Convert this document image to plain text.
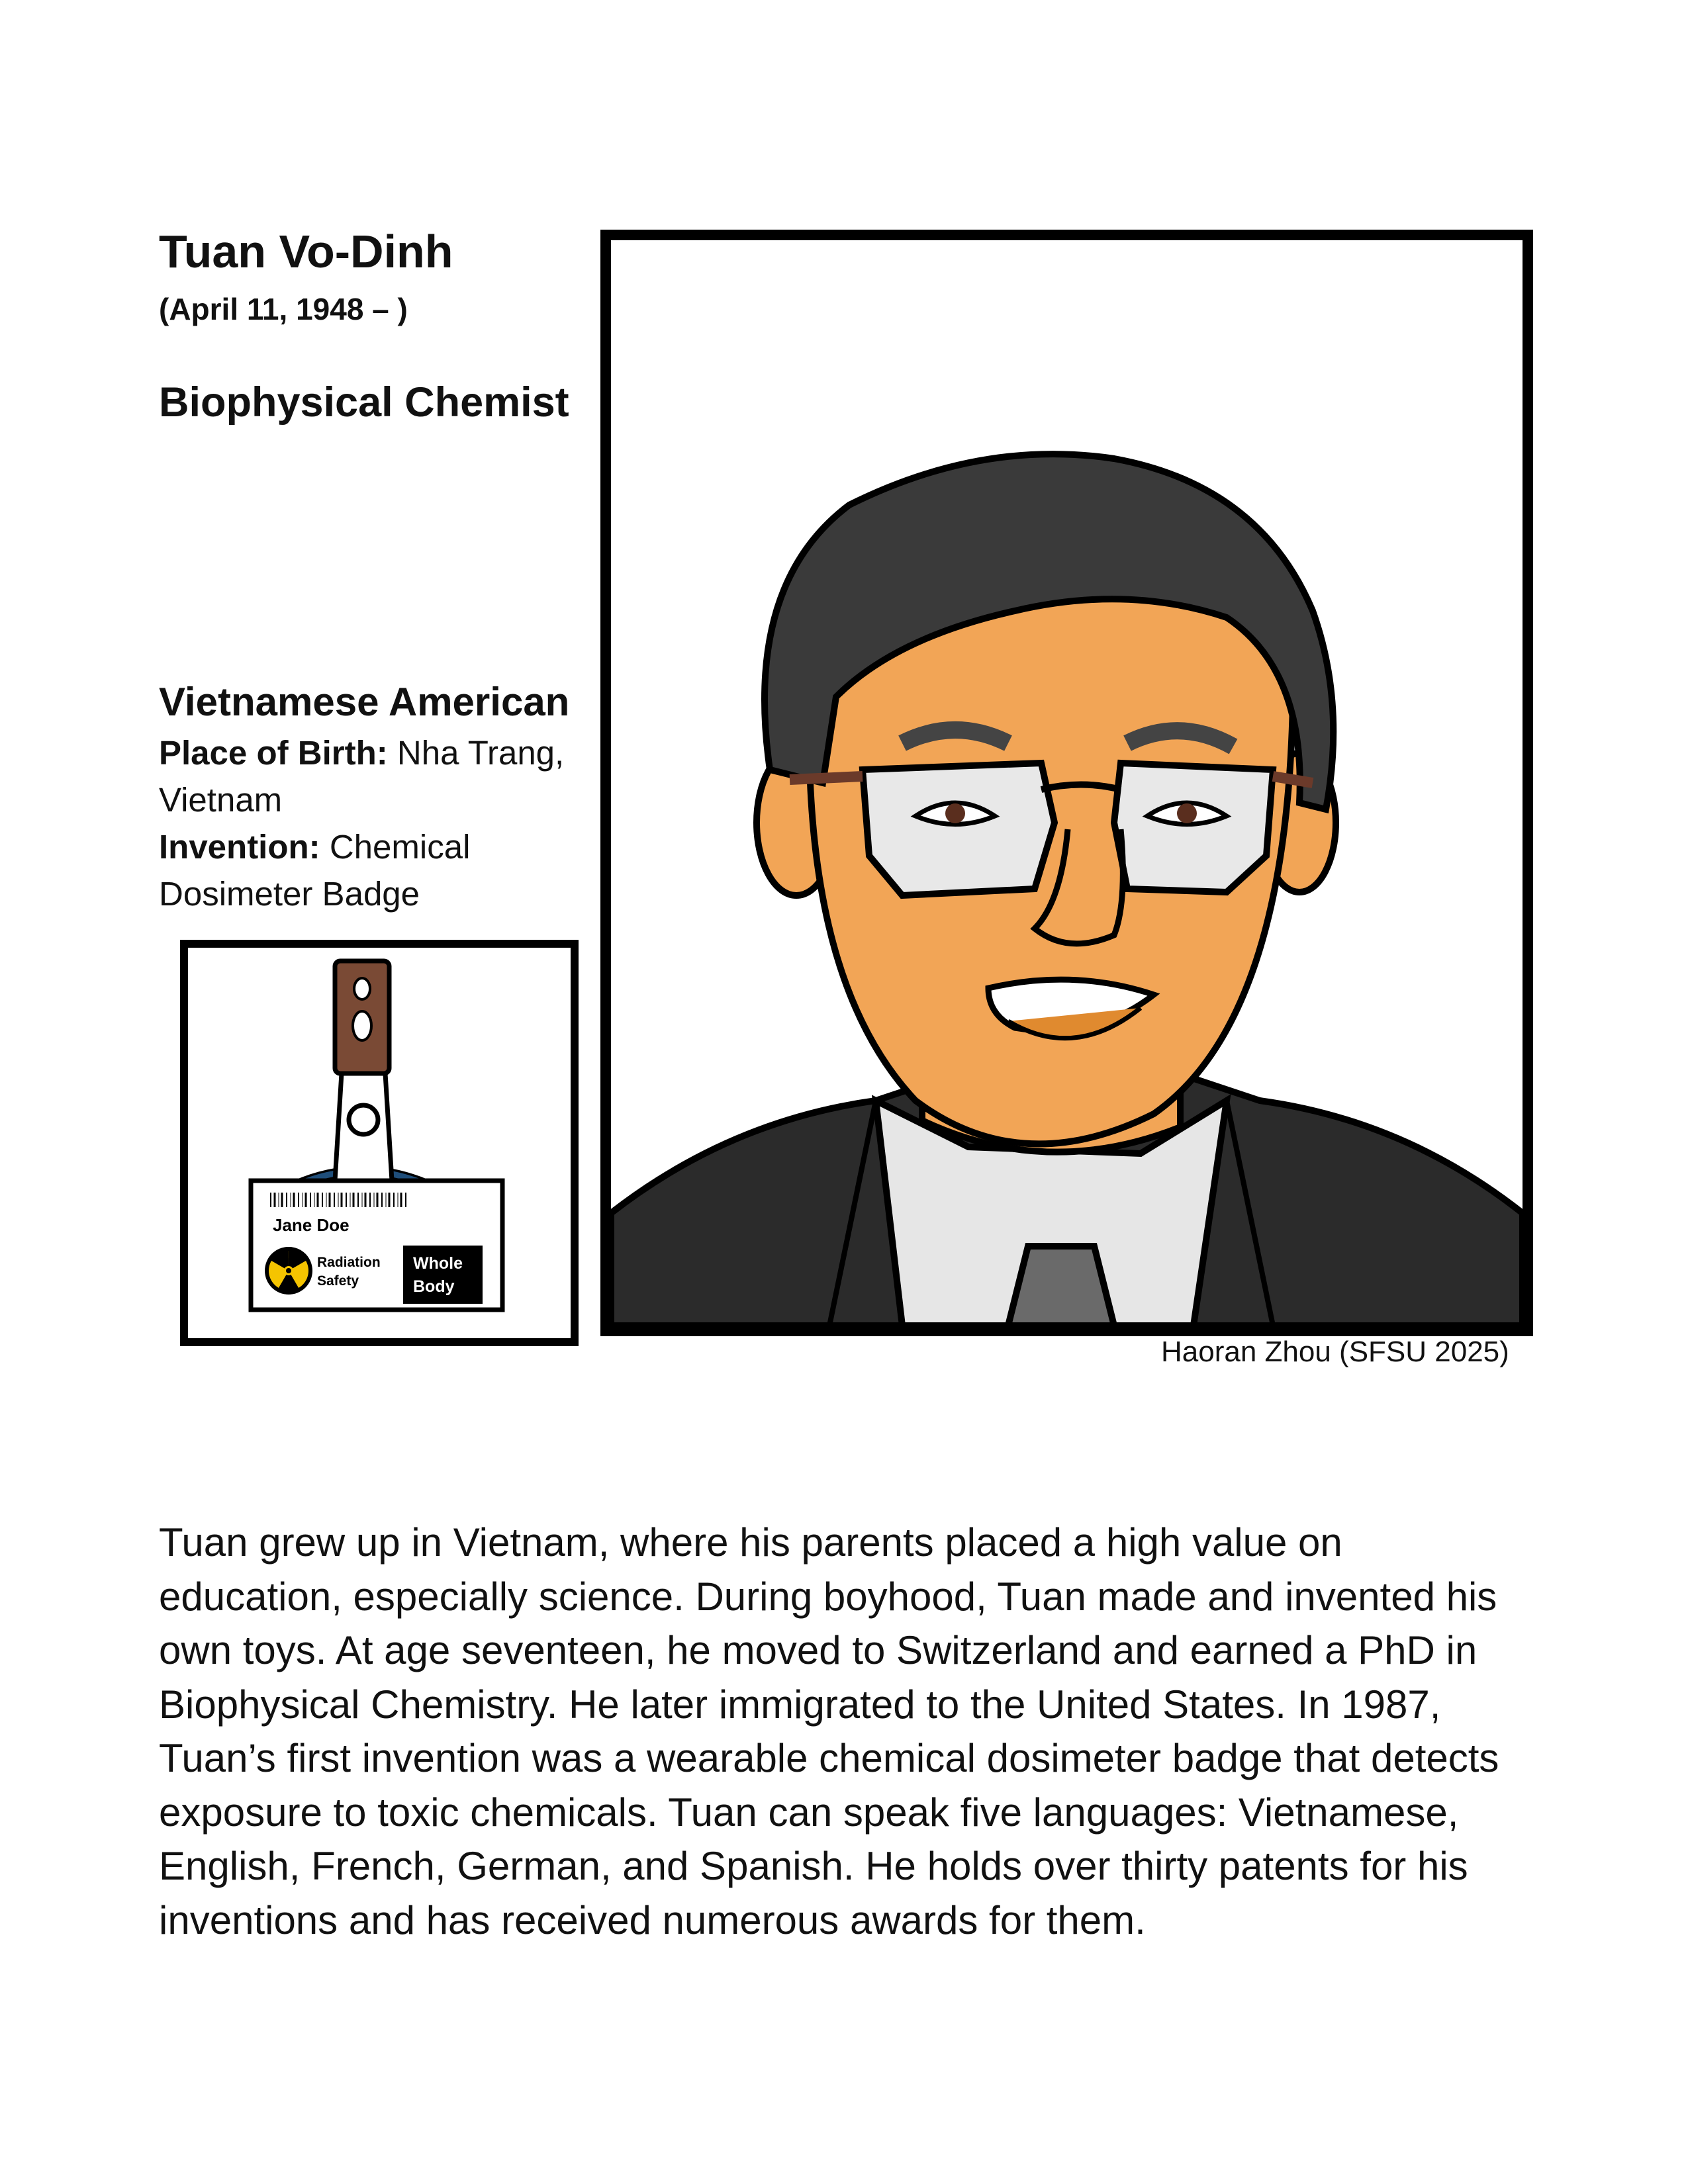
Tuan Vo-Dinh
(April 11, 1948 – )
Biophysical Chemist
Vietnamese American
Place of Birth: Nha Trang, Vietnam
Invention: Chemical Dosimeter Badge
Jane Doe
Radiation
Safety
Whole
Body
Haoran Zhou (SFSU 2025)
Tuan grew up in Vietnam, where his parents placed a high value on education, especially science. During boyhood, Tuan made and invented his own toys. At age seventeen, he moved to Switzerland and earned a PhD in Biophysical Chemistry. He later immigrated to the United States. In 1987, Tuan’s first invention was a wearable chemical dosimeter badge that detects exposure to toxic chemicals. Tuan can speak five languages: Vietnamese, English, French, German, and Spanish. He holds over thirty patents for his inventions and has received numerous awards for them.
